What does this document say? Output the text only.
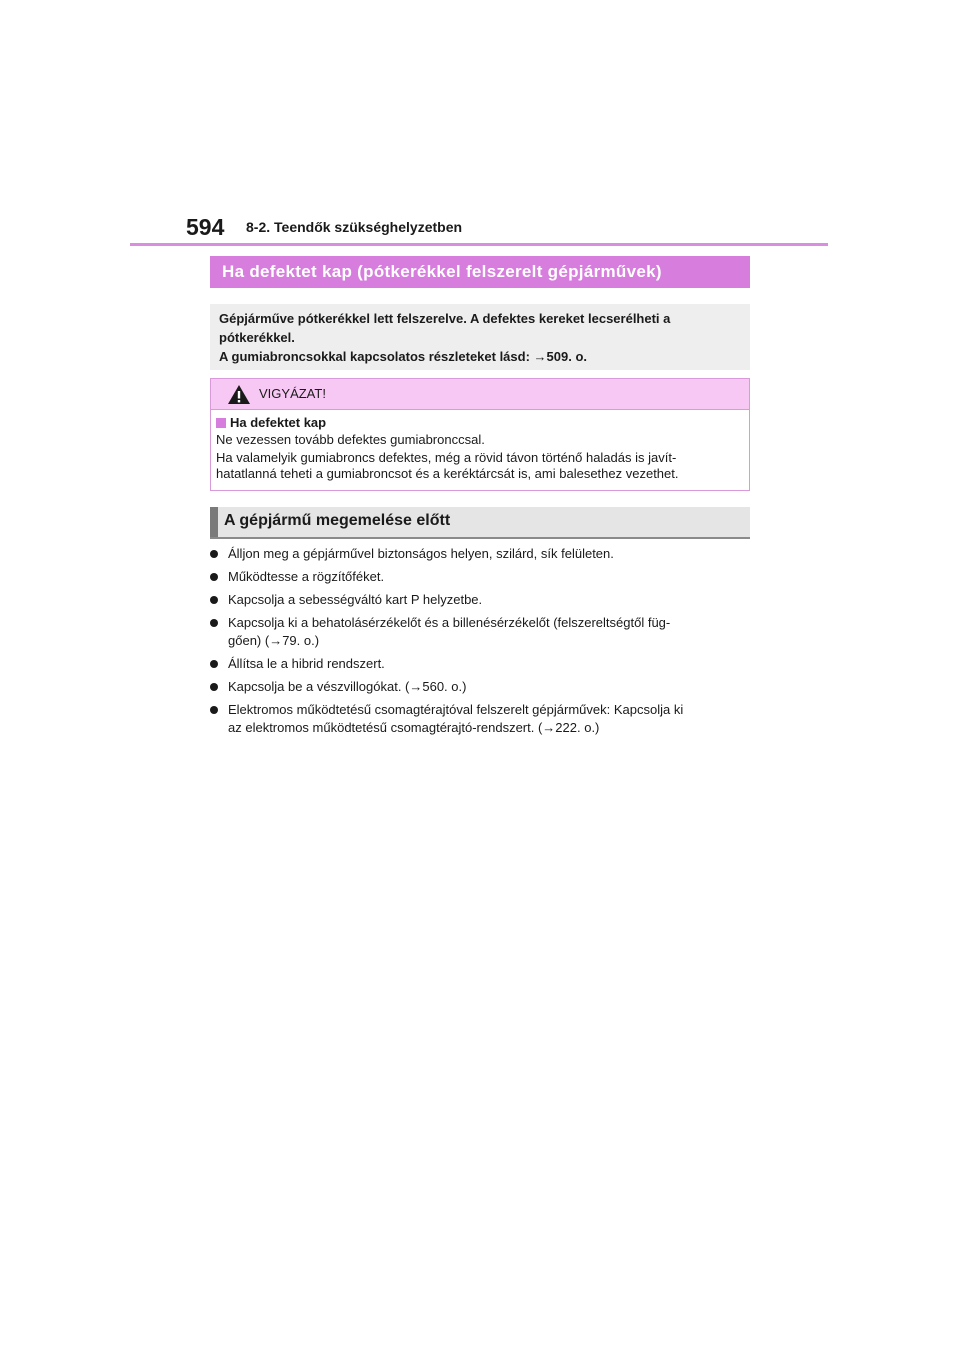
594 8-2. Teendők szükséghelyzetben
Ha defektet kap (pótkerékkel felszerelt gépjárművek)

Gépjárműve pótkerékkel lett felszerelve. A defektes kereket lecserélheti a

pótkerékkel.

A gumiabroncsokkal kapcsolatos részleteket lásd: →509. o.

VIGYÁZAT!
Ha defektet kap

Ne vezessen tovább defektes gumiabronccsal.

Ha valamelyik gumiabroncs defektes, még a rövid távon történő haladás is javít-

hatatlanná teheti a gumiabroncsot és a keréktárcsát is, ami balesethez vezethet.

A gépjármű megemelése előtt
Álljon meg a gépjárművel biztonságos helyen, szilárd, sík felületen.
Működtesse a rögzítőféket.
Kapcsolja a sebességváltó kart P helyzetbe.
Kapcsolja ki a behatolásérzékelőt és a billenésérzékelőt (felszereltségtől füg-
gően) (→79. o.)
Állítsa le a hibrid rendszert.
Kapcsolja be a vészvillogókat. (→560. o.)
Elektromos működtetésű csomagtérajtóval felszerelt gépjárművek: Kapcsolja ki
az elektromos működtetésű csomagtérajtó-rendszert. (→222. o.)
